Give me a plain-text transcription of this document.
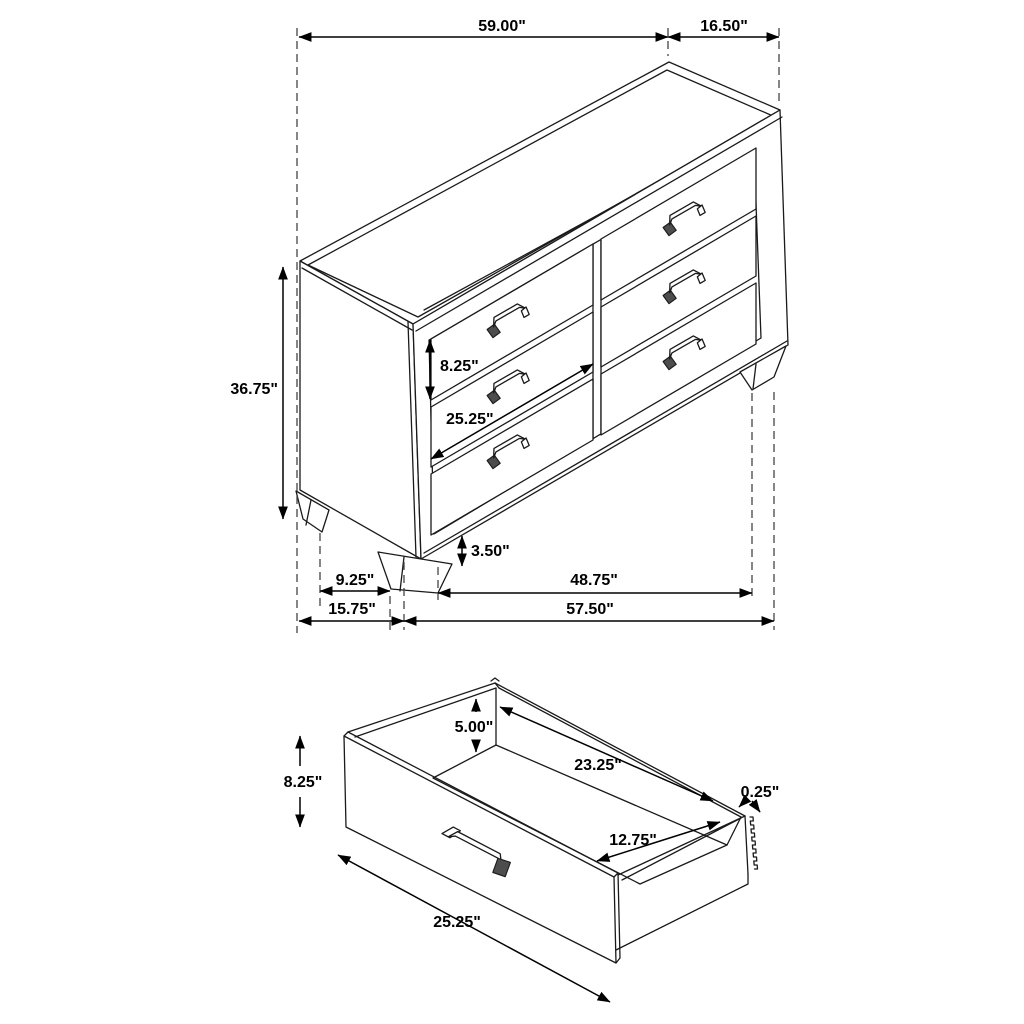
59.00"	16.50"
36.75"
8.25"
25.25"
3.50"
9.25"	48.75"
15.75"	57.50"
8.25"
5.00"
23.25"
12.75"
0.25"
25.25"
